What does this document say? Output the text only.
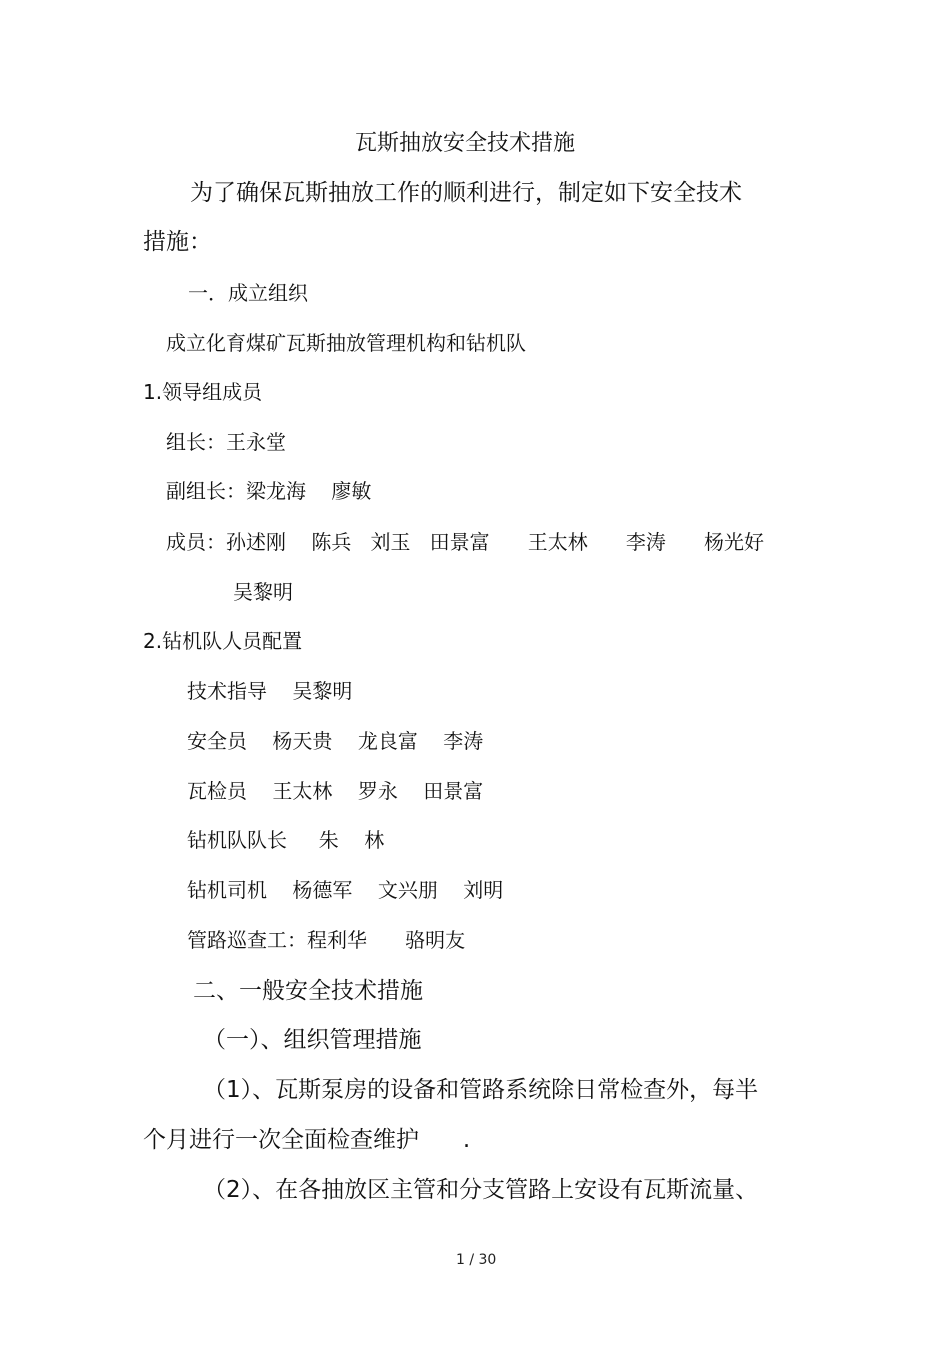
瓦斯抽放安全技术措施
为了确保瓦斯抽放工作的顺利进行，制定如下安全技术
措施：
一．成立组织
成立化育煤矿瓦斯抽放管理机构和钻机队
1.领导组成员
组长：王永堂
副组长：梁龙海    廖敏
成员：孙述刚    陈兵   刘玉   田景富      王太林      李涛      杨光好
吴黎明
2.钻机队人员配置
技术指导    吴黎明
安全员    杨天贵    龙良富    李涛
瓦检员    王太林    罗永    田景富
钻机队队长     朱    林
钻机司机    杨德军    文兴朋    刘明
管路巡查工：程利华      骆明友
二、一般安全技术措施
（一）、组织管理措施
（1）、瓦斯泵房的设备和管路系统除日常检查外，每半
个月进行一次全面检查维护      .
（2）、在各抽放区主管和分支管路上安设有瓦斯流量、
1 / 30
